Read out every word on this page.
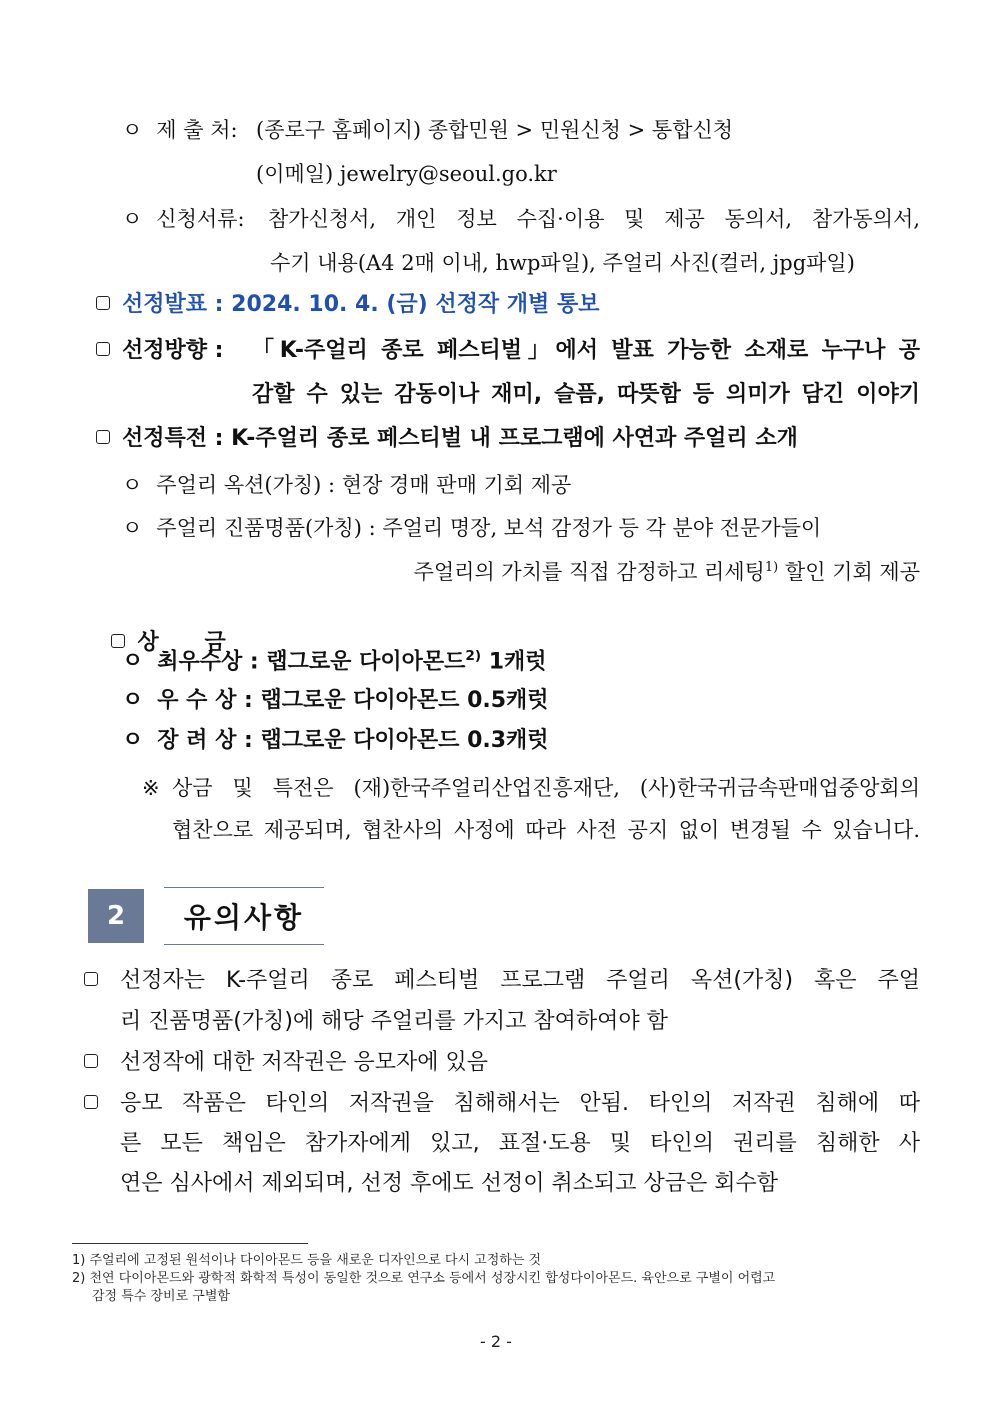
ㅇ 제 출 처: (종로구 홈페이지) 종합민원 > 민원신청 > 통합신청
(이메일) jewelry@seoul.go.kr
ㅇ 신청서류: 참가신청서, 개인 정보 수집·이용 및 제공 동의서, 참가동의서,
수기 내용(A4 2매 이내, hwp파일), 주얼리 사진(컬러, jpg파일)
선정발표 : 2024. 10. 4. (금) 선정작 개별 통보
선정방향 : 「K-주얼리 종로 페스티벌」에서 발표 가능한 소재로 누구나 공
감할 수 있는 감동이나 재미, 슬픔, 따뜻함 등 의미가 담긴 이야기
선정특전 : K-주얼리 종로 페스티벌 내 프로그램에 사연과 주얼리 소개
ㅇ 주얼리 옥션(가칭) : 현장 경매 판매 기회 제공
ㅇ 주얼리 진품명품(가칭) : 주얼리 명장, 보석 감정가 등 각 분야 전문가들이
주얼리의 가치를 직접 감정하고 리세팅$^{1)}$ 할인 기회 제공

상      금

ㅇ 최우수상 : 랩그로운 다이아몬드$^{2)}$ 1캐럿
ㅇ 우 수 상 : 랩그로운 다이아몬드 0.5캐럿
ㅇ 장 려 상 : 랩그로운 다이아몬드 0.3캐럿
※ 상금 및 특전은 (재)한국주얼리산업진흥재단, (사)한국귀금속판매업중앙회의
협찬으로 제공되며, 협찬사의 사정에 따라 사전 공지 없이 변경될 수 있습니다.
2	유의사항
선정자는 K-주얼리 종로 페스티벌 프로그램 주얼리 옥션(가칭) 혹은 주얼
리 진품명품(가칭)에 해당 주얼리를 가지고 참여하여야 함
선정작에 대한 저작권은 응모자에 있음
응모 작품은 타인의 저작권을 침해해서는 안됨. 타인의 저작권 침해에 따
른 모든 책임은 참가자에게 있고, 표절·도용 및 타인의 권리를 침해한 사
연은 심사에서 제외되며, 선정 후에도 선정이 취소되고 상금은 회수함
1) 주얼리에 고정된 원석이나 다이아몬드 등을 새로운 디자인으로 다시 고정하는 것
2) 천연 다이아몬드와 광학적 화학적 특성이 동일한 것으로 연구소 등에서 성장시킨 합성다이아몬드. 육안으로 구별이 어렵고
감정 특수 장비로 구별함
- 2 -
